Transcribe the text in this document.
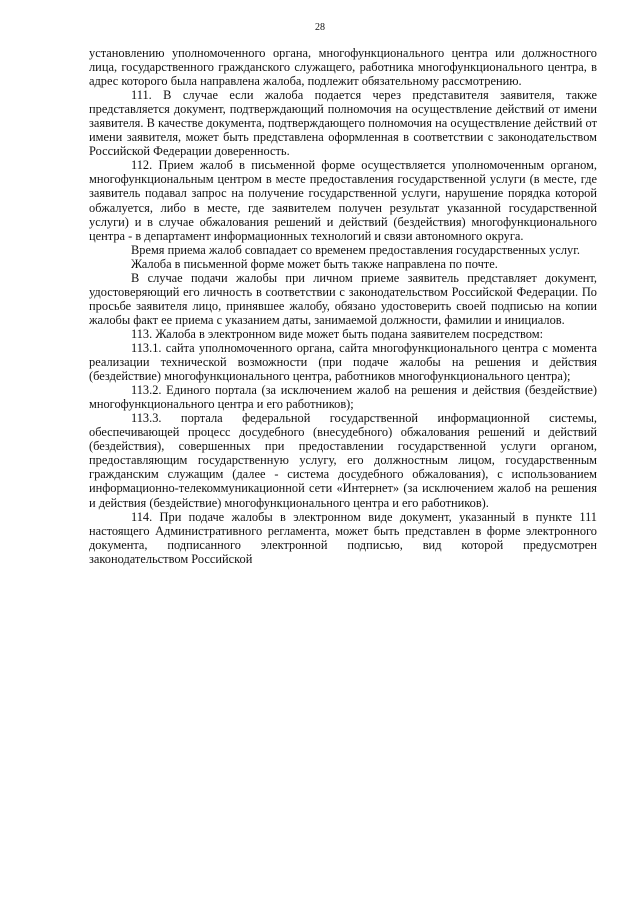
28

установлению уполномоченного органа, многофункционального центра или должностного лица, государственного гражданского служащего, работника многофункционального центра, в адрес которого была направлена жалоба, подлежит обязательному рассмотрению.

111. В случае если жалоба подается через представителя заявителя, также представляется документ, подтверждающий полномочия на осуществление действий от имени заявителя. В качестве документа, подтверждающего полномочия на осуществление действий от имени заявителя, может быть представлена оформленная в соответствии с законодательством Российской Федерации доверенность.

112. Прием жалоб в письменной форме осуществляется уполномоченным органом, многофункциональным центром в месте предоставления государственной услуги (в месте, где заявитель подавал запрос на получение государственной услуги, нарушение порядка которой обжалуется, либо в месте, где заявителем получен результат указанной государственной услуги) и в случае обжалования решений и действий (бездействия) многофункционального центра - в департамент информационных технологий и связи автономного округа.

Время приема жалоб совпадает со временем предоставления государственных услуг.

Жалоба в письменной форме может быть также направлена по почте.

В случае подачи жалобы при личном приеме заявитель представляет документ, удостоверяющий его личность в соответствии с законодательством Российской Федерации. По просьбе заявителя лицо, принявшее жалобу, обязано удостоверить своей подписью на копии жалобы факт ее приема с указанием даты, занимаемой должности, фамилии и инициалов.

113. Жалоба в электронном виде может быть подана заявителем посредством:

113.1. сайта уполномоченного органа, сайта многофункционального центра с момента реализации технической возможности (при подаче жалобы на решения и действия (бездействие) многофункционального центра, работников многофункционального центра);

113.2. Единого портала (за исключением жалоб на решения и действия (бездействие) многофункционального центра и его работников);

113.3. портала федеральной государственной информационной системы, обеспечивающей процесс досудебного (внесудебного) обжалования решений и действий (бездействия), совершенных при предоставлении государственной услуги органом, предоставляющим государственную услугу, его должностным лицом, государственным гражданским служащим (далее - система досудебного обжалования), с использованием информационно-телекоммуникационной сети «Интернет» (за исключением жалоб на решения и действия (бездействие) многофункционального центра и его работников).

114. При подаче жалобы в электронном виде документ, указанный в пункте 111 настоящего Административного регламента, может быть представлен в форме электронного документа, подписанного электронной подписью, вид которой предусмотрен законодательством Российской
